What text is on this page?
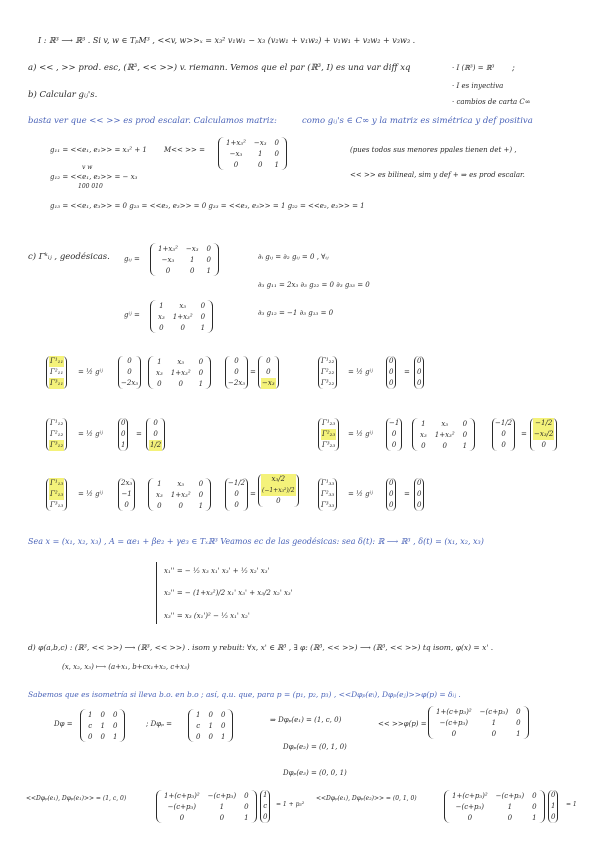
I : ℝ³ ⟶ ℝ³ . Si v, w ∈ TₚM³ , <<v, w>>ₓ = x₃² v₁w₁ − x₃ (v₂w₁ + v₁w₂) + v₁w₁ + v₂w₂ + v₃w₃ .
a) << , >> prod. esc, (ℝ³, << >>) v. riemann. Vemos que el par (ℝ³, I) es una var diff xq	;
· I (ℝ³) = ℝ³
· I es inyectiva
· cambios de carta C∞
b) Calcular gᵢⱼ's.
basta ver que << >> es prod escalar. Calculamos matriz:	como gᵢⱼ's ∈ C∞ y la matriz es simétrica y def positiva
g₁₁ = <<e₁, e₁>> = x₃² + 1
v w
g₁₂ = <<e₁, e₂>> = − x₃
100 010
M<< >> =
1+x₃²	−x₃	0
−x₃	1	0
0	0	1
(pues todos sus menores ppales tienen det +) ,
<< >> es bilineal, sim y def + ⇒ es prod escalar.
g₁₃ = <<e₁, e₃>> = 0 g₂₃ = <<e₂, e₃>> = 0 g₃₃ = <<e₃, e₃>> = 1 g₂₂ = <<e₂, e₂>> = 1
c) Γᵏᵢⱼ , geodésicas. gᵢⱼ =
1+x₃²	−x₃	0
−x₃	1	0
0	0	1
∂ᵢ gᵢⱼ = ∂₂ gᵢⱼ = 0 , ∀ᵢⱼ
∂₃ g₁₁ = 2x₃ ∂₃ g₂₂ = 0 ∂₃ g₃₃ = 0
∂₃ g₁₂ = −1 ∂₃ g₁₃ = 0
gⁱʲ =
1	x₃	0
x₃	1+x₃²	0
0	0	1
Γ¹₁₁
Γ²₁₁
Γ³₁₁
= ½ gⁱʲ
0
0
−2x₃
1	x₃	0
x₃	1+x₃²	0
0	0	1
0
0
−2x₃
=
0
0
−x₃
Γ¹₂₂
Γ²₂₂
Γ³₂₂
= ½ gⁱʲ
0
0
0
=
0
0
0
Γ¹₁₂
Γ²₁₂
Γ³₁₂
= ½ gⁱʲ
0
0
1
=
0
0
1/2
Γ¹₂₃
Γ²₂₃
Γ³₂₃
= ½ gⁱʲ
−1
0
0
1	x₃	0
x₃	1+x₃²	0
0	0	1
−1/2
0
0
=
−1/2
−x₃/2
0
Γ¹₁₃
Γ²₁₃
Γ³₁₃
= ½ gⁱʲ
2x₃
−1
0
1	x₃	0
x₃	1+x₃²	0
0	0	1
−1/2
0
0
=
x₃/2
(−1+x₃²)/2
0
Γ¹₃₃
Γ²₃₃
Γ³₃₃
= ½ gⁱʲ
0
0
0
=
0
0
0
Sea x = (x₁, x₂, x₃) , A = αe₁ + βe₂ + γe₃ ∈ Tₓℝ³ Veamos ec de las geodésicas: sea δ(t): ℝ ⟶ ℝ³ , δ(t) = (x₁, x₂, x₃)
x₁'' = − ¹⁄₂ x₃ x₁' x₃' + ¹⁄₂ x₂' x₃'
x₂'' = − (1+x₃²)/2 x₁' x₃' + x₃/2 x₂' x₃'
x₃'' = x₃ (x₁')² − ¹⁄₂ x₁' x₂'
d) φ(a,b,c) : (ℝ³, << >>) ⟶ (ℝ³, << >>) . isom y rebuit: ∀x, x' ∈ ℝ³ , ∃ φ: (ℝ³, << >>) ⟶ (ℝ³, << >>) tq isom, φ(x) = x' .
(x, x₂, x₃) ⟼ (a+x₁, b+cx₁+x₂, c+x₃)
Sabemos que es isometría si lleva b.o. en b.o ; así, q.u. que, para p = (p₁, p₂, p₃) , <<Dφₚ(eᵢ), Dφₚ(eⱼ)>>φ(p) = δᵢⱼ .
Dφ =
1	0	0
c	1	0
0	0	1
; Dφₚ =
1	0	0
c	1	0
0	0	1
⇒ Dφₚ(e₁) = (1, c, 0)
Dφₚ(e₂) = (0, 1, 0)
Dφₚ(e₃) = (0, 0, 1)
<< >>φ(p) =
1+(c+p₃)²	−(c+p₃)	0
−(c+p₃)	1	0
0	0	1
<<Dφₚ(e₁), Dφₚ(e₁)>> = (1, c, 0)	1+(c+p₃)²	−(c+p₃)	0
−(c+p₃)	1	0
0	0	1
1
c
0
= 1 + p₃²
<<Dφₚ(e₁), Dφₚ(e₂)>> = (0, 1, 0)	1+(c+p₃)²	−(c+p₃)	0
−(c+p₃)	1	0
0	0	1
0
1
0
= 1
